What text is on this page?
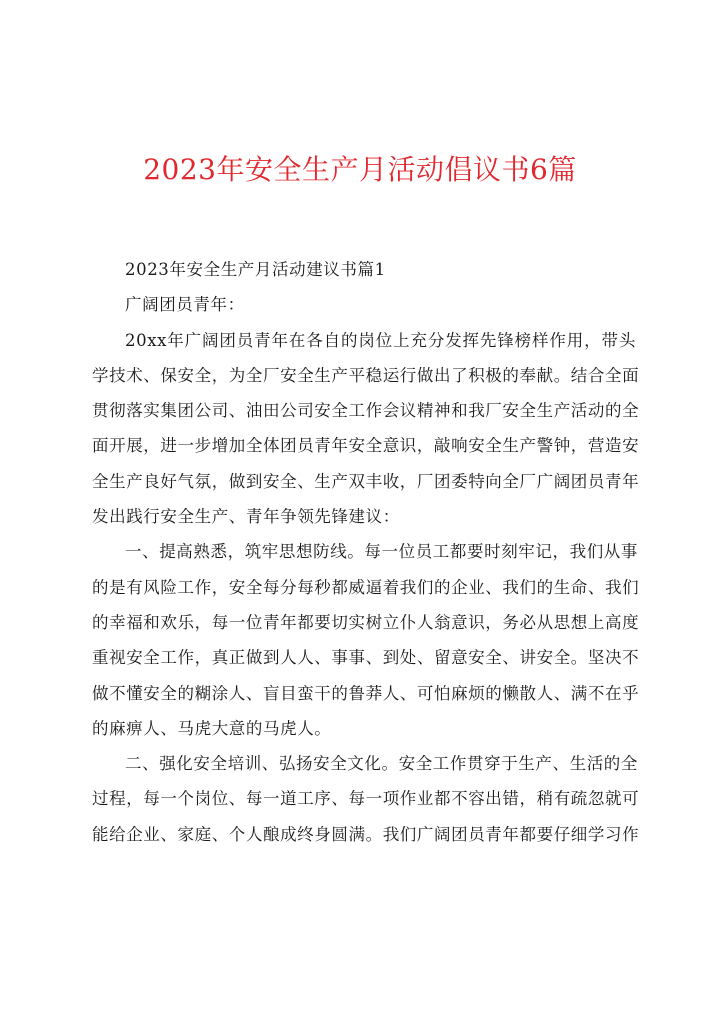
2023年安全生产月活动倡议书6篇

2023年安全生产月活动建议书篇1

广阔团员青年：

20xx年广阔团员青年在各自的岗位上充分发挥先锋榜样作用，带头
学技术、保安全，为全厂安全生产平稳运行做出了积极的奉献。结合全面
贯彻落实集团公司、油田公司安全工作会议精神和我厂安全生产活动的全
面开展，进一步增加全体团员青年安全意识，敲响安全生产警钟，营造安
全生产良好气氛，做到安全、生产双丰收，厂团委特向全厂广阔团员青年
发出践行安全生产、青年争领先锋建议：
一、提高熟悉，筑牢思想防线。每一位员工都要时刻牢记，我们从事
的是有风险工作，安全每分每秒都威逼着我们的企业、我们的生命、我们
的幸福和欢乐，每一位青年都要切实树立仆人翁意识，务必从思想上高度
重视安全工作，真正做到人人、事事、到处、留意安全、讲安全。坚决不
做不懂安全的糊涂人、盲目蛮干的鲁莽人、可怕麻烦的懒散人、满不在乎
的麻痹人、马虎大意的马虎人。
二、强化安全培训、弘扬安全文化。安全工作贯穿于生产、生活的全
过程，每一个岗位、每一道工序、每一项作业都不容出错，稍有疏忽就可
能给企业、家庭、个人酿成终身圆满。我们广阔团员青年都要仔细学习作
